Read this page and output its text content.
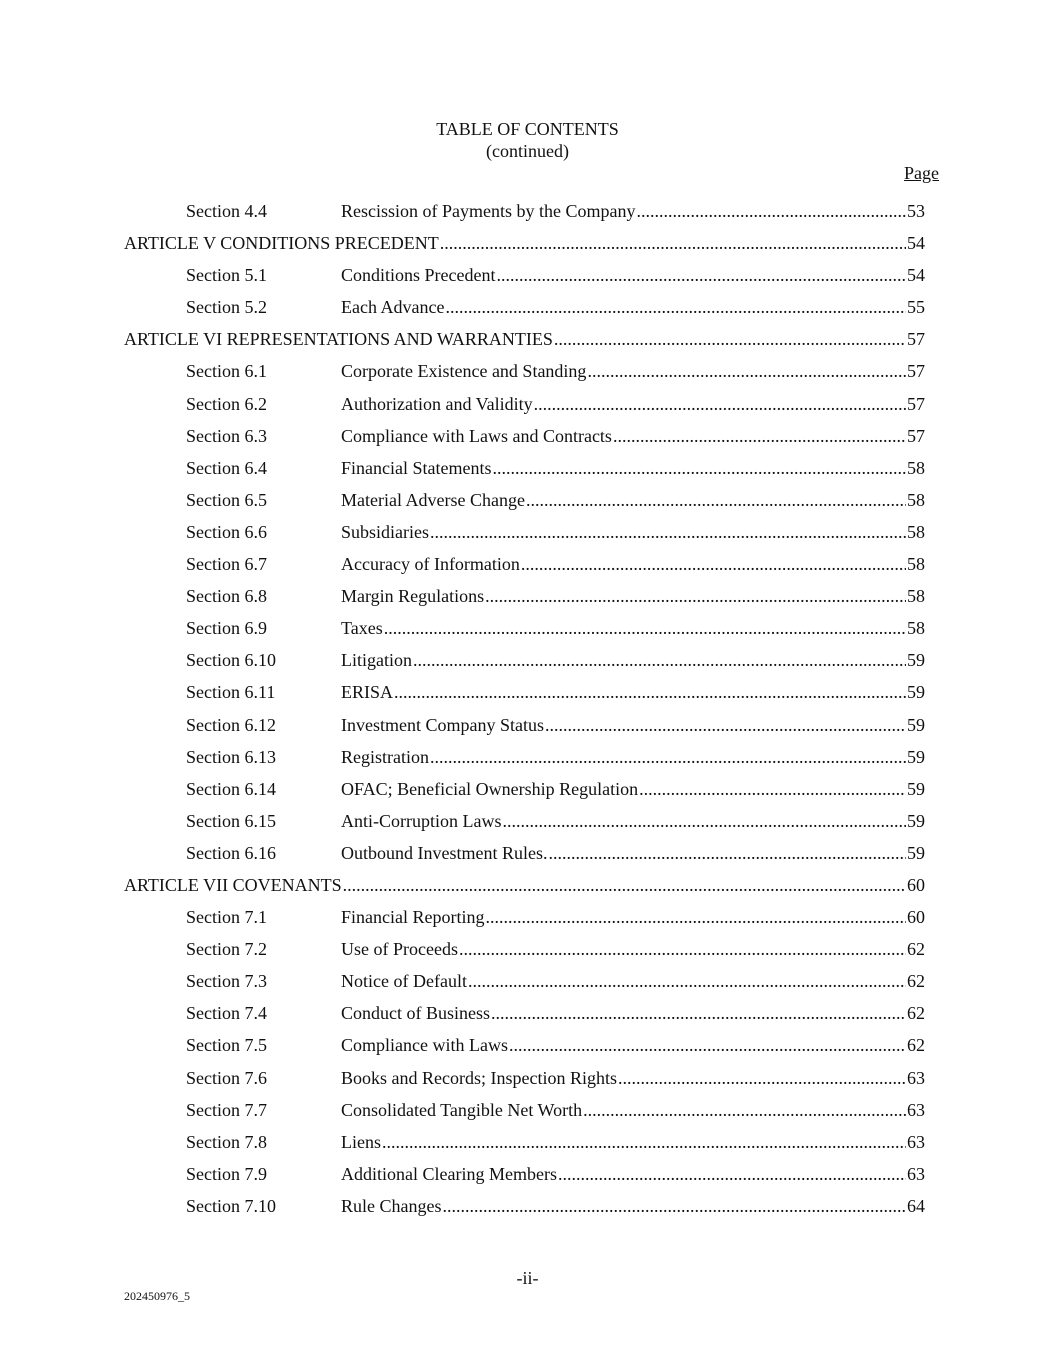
TABLE OF CONTENTS
(continued)
Page
Section 4.4	Rescission of Payments by the Company .....	53
ARTICLE V CONDITIONS PRECEDENT .....	54
Section 5.1	Conditions Precedent .....	54
Section 5.2	Each Advance .....	55
ARTICLE VI REPRESENTATIONS AND WARRANTIES .....	57
Section 6.1	Corporate Existence and Standing .....	57
Section 6.2	Authorization and Validity .....	57
Section 6.3	Compliance with Laws and Contracts .....	57
Section 6.4	Financial Statements .....	58
Section 6.5	Material Adverse Change .....	58
Section 6.6	Subsidiaries .....	58
Section 6.7	Accuracy of Information .....	58
Section 6.8	Margin Regulations .....	58
Section 6.9	Taxes .....	58
Section 6.10	Litigation .....	59
Section 6.11	ERISA .....	59
Section 6.12	Investment Company Status .....	59
Section 6.13	Registration .....	59
Section 6.14	OFAC; Beneficial Ownership Regulation .....	59
Section 6.15	Anti-Corruption Laws .....	59
Section 6.16	Outbound Investment Rules. .....	59
ARTICLE VII COVENANTS .....	60
Section 7.1	Financial Reporting .....	60
Section 7.2	Use of Proceeds .....	62
Section 7.3	Notice of Default .....	62
Section 7.4	Conduct of Business .....	62
Section 7.5	Compliance with Laws .....	62
Section 7.6	Books and Records; Inspection Rights .....	63
Section 7.7	Consolidated Tangible Net Worth .....	63
Section 7.8	Liens .....	63
Section 7.9	Additional Clearing Members .....	63
Section 7.10	Rule Changes .....	64
-ii-
202450976_5
